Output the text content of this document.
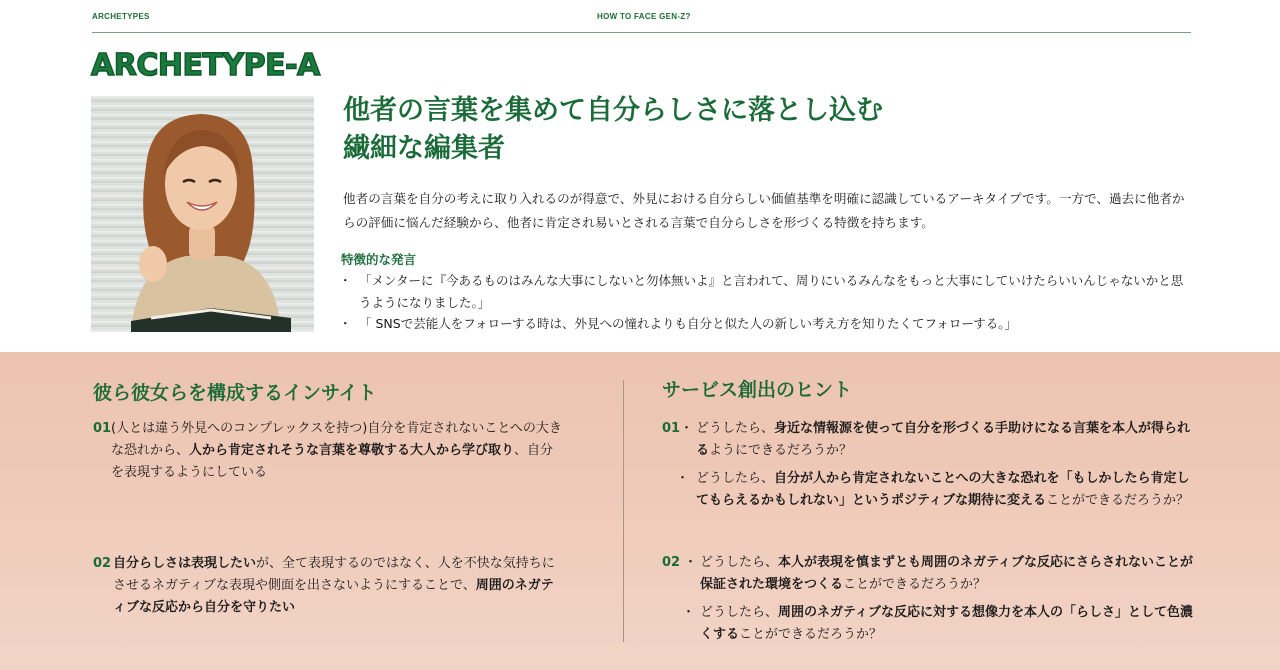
ARCHETYPES	HOW TO FACE GEN-Z?
ARCHETYPE-A
他者の言葉を集めて自分らしさに落とし込む
繊細な編集者

他者の言葉を自分の考えに取り入れるのが得意で、外見における自分らしい価値基準を明確に認識しているアーキタイプです。一方で、過去に他者からの評価に悩んだ経験から、他者に肯定され易いとされる言葉で自分らしさを形づくる特徴を持ちます。

特徴的な発言
・ 「メンターに『今あるものはみんな大事にしないと勿体無いよ』と言われて、周りにいるみんなをもっと大事にしていけたらいいんじゃないかと思うようになりました。」
・ 「 SNSで芸能人をフォローする時は、外見への憧れよりも自分と似た人の新しい考え方を知りたくてフォローする。」
彼ら彼女らを構成するインサイト	サービス創出のヒント
01 (人とは違う外見へのコンプレックスを持つ)自分を肯定されないことへの大きな恐れから、人から肯定されそうな言葉を尊敬する大人から学び取り、自分を表現するようにしている
02 自分らしさは表現したいが、全て表現するのではなく、人を不快な気持ちにさせるネガティブな表現や側面を出さないようにすることで、周囲のネガティブな反応から自分を守りたい
01 ・ どうしたら、身近な情報源を使って自分を形づくる手助けになる言葉を本人が得られるようにできるだろうか？
・ どうしたら、自分が人から肯定されないことへの大きな恐れを「もしかしたら肯定してもらえるかもしれない」というポジティブな期待に変えることができるだろうか？
02 ・ どうしたら、本人が表現を慎まずとも周囲のネガティブな反応にさらされないことが保証された環境をつくることができるだろうか？
・ どうしたら、周囲のネガティブな反応に対する想像力を本人の「らしさ」として色濃くすることができるだろうか？
